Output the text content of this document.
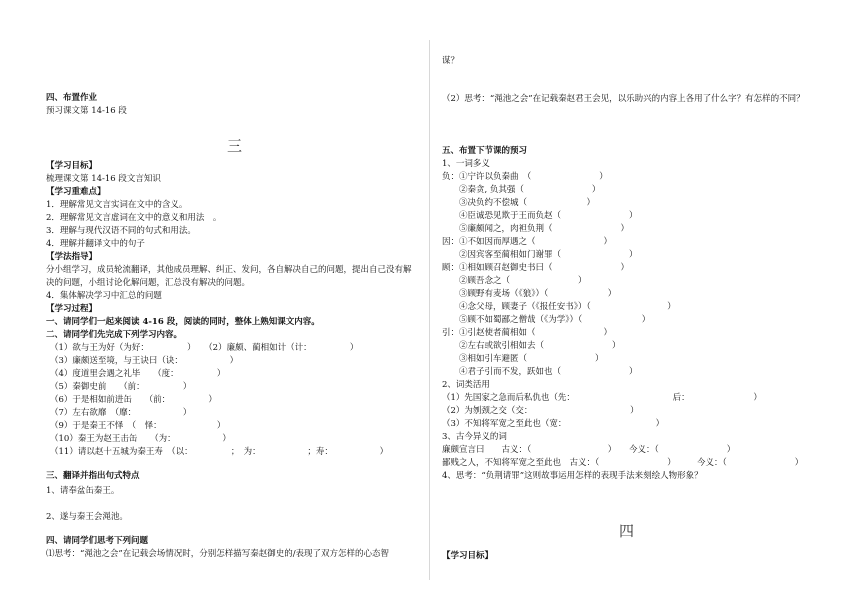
四、布置作业
预习课文第 14-16 段
三
【学习目标】
梳理课文第 14-16 段文言知识
【学习重难点】
1．理解常见文言实词在文中的含义。
2．理解常见文言虚词在文中的意义和用法　。
3．理解与现代汉语不同的句式和用法。
4．理解并翻译文中的句子
【学法指导】
分小组学习，成员轮流翻译，其他成员理解、纠正、发问，各自解决自己的问题，提出自己没有解
决的问题，小组讨论化解问题，汇总没有解决的问题。
4．集体解决学习中汇总的问题
【学习过程】
一、请同学们一起来阅读 4-16 段，阅读的同时，整体上熟知课文内容。
二、请同学们先完成下列学习内容。
（1）欲与王为好（为好：　　　　　）　　（2）廉颇、蔺相如计（计：　　　　　）
（3）廉颇送至境，与王诀曰（诀：　　　　　　）
（4）度道里会遇之礼毕　　（度：　　　　　）
（5）秦御史前　　（前：　　　　　）
（6）于是相如前进缶　　（前：　　　　　）
（7）左右欲靡　（靡：　　　　　　）
（9）于是秦王不怿　（　怿：　　　　　　　）
（10）秦王为赵王击缶　　（为：　　　　　　）
（11）请以赵十五城为秦王寿　（以：　　　　　；　为：　　　　　　；寿：　　　　　　）
三、翻译并指出句式特点
1、请奉盆缶秦王。
2、遂与秦王会渑池。
四、请同学们思考下列问题
⑴思考：“渑池之会”在记载会场情况时，分别怎样描写秦赵御史的/表现了双方怎样的心态智
谋？
（2）思考：“渑池之会”在记载秦赵君王会见，以乐助兴的内容上各用了什么字？有怎样的不同？
五、布置下节课的预习
1、一词多义
负：①宁许以负秦曲　（　　　　　　　　）
　　②秦贪, 负其强（　　　　　　　　）
　　③决负约不偿城（　　　　　　　）
　　④臣诚恐见欺于王而负赵（　　　　　　　　）
　　⑤廉颇闻之，肉袒负荆（　　　　　　　　）
因：①不如因而厚遇之（　　　　　　　　）
　　②因宾客至蔺相如门谢罪（　　　　　　　　）
顾：①相如顾召赵御史书曰（　　　　　　　　）
　　②顾吾念之（　　　　　　　　）
　　③顾野有麦场（《狼》）（　　　　　　　）
　　④念父母，顾妻子（《报任安书》）（　　　　　　　　　）
　　⑤顾不如蜀鄙之僧哉（《为学》）（　　　　　　　）
引：①引赵使者蔺相如（　　　　　　　　）
　　②左右或欲引相如去（　　　　　　　　）
　　③相如引车避匿（　　　　　　　　）
　　④君子引而不发，跃如也（　　　　　　　　）
2、词类活用
（1）先国家之急而后私仇也（先：　　　　　　　　　　　　后：　　　　　　　　）
（2）为刎颈之交（交：　　　　　　　　　　　　）
（3）不知将军宽之至此也（宽：　　　　　　　　　　　）
3、古今异义的词
廉颇宣言曰　　古义：（　　　　　　　　　）　　今义：（　　　　　　　　）
鄙贱之人，不知将军宽之至此也　古义：（　　　　　　　　）　　　今义：（　　　　　　　　）
4、思考：“负荆请罪”这则故事运用怎样的表现手法来刻绘人物形象？
四
【学习目标】
